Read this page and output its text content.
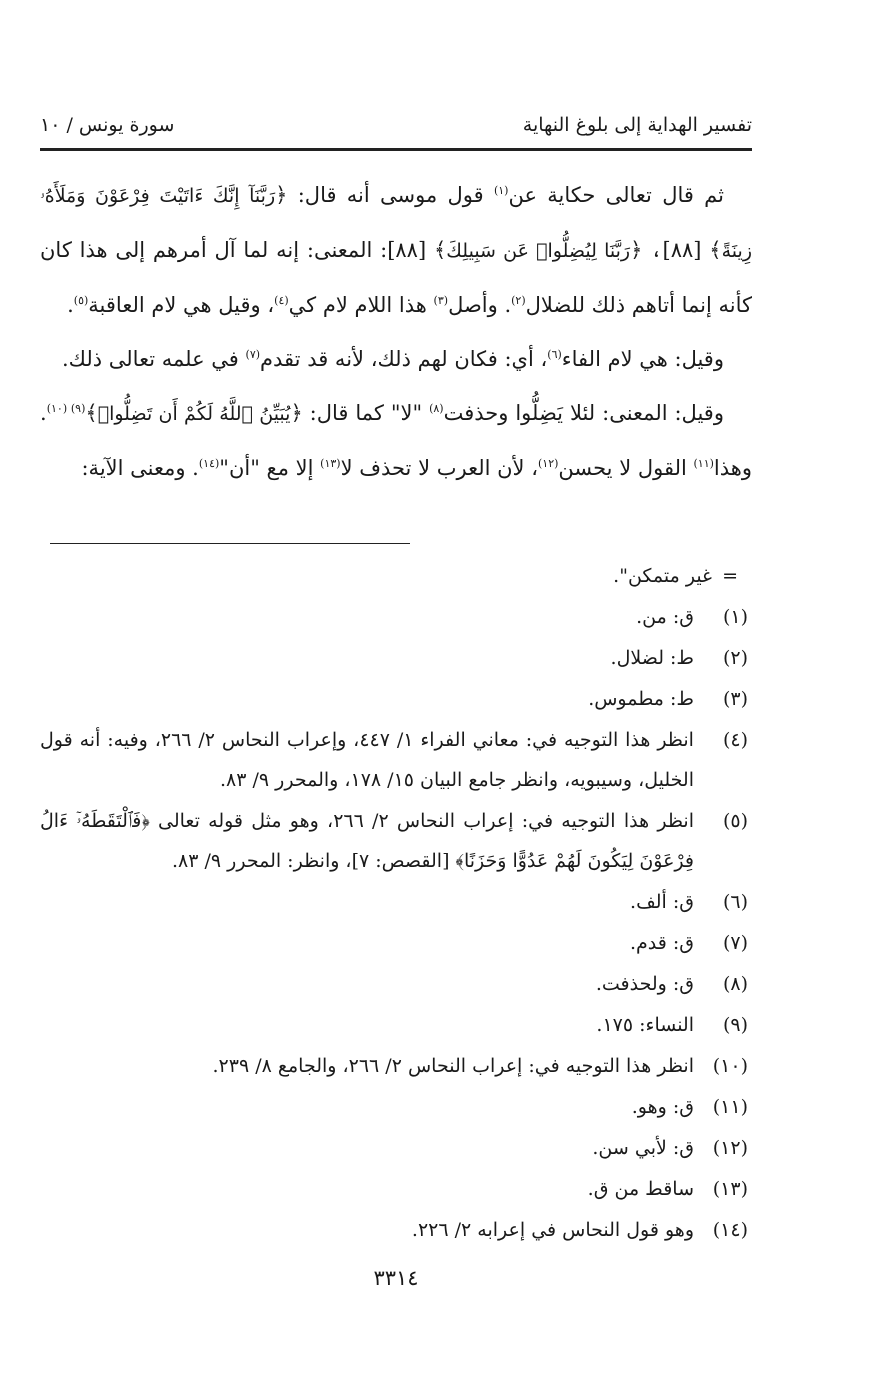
تفسير الهداية إلى بلوغ النهاية
سورة يونس / ١٠

ثم قال تعالى حكاية عن$^{(١)}$ قول موسى أنه قال: ﴿رَبَّنَآ إِنَّكَ ءَاتَيْتَ فِرْعَوْنَ وَمَلَأَهُۥ زِينَةً﴾ [٨٨]، ﴿رَبَّنَا لِيُضِلُّوا۟ عَن سَبِيلِكَ﴾ [٨٨]: المعنى: إنه لما آل أمرهم إلى هذا كان كأنه إنما أتاهم ذلك للضلال$^{(٢)}$. وأصل$^{(٣)}$ هذا اللام لام كي$^{(٤)}$، وقيل هي لام العاقبة$^{(٥)}$.

وقيل: هي لام الفاء$^{(٦)}$، أي: فكان لهم ذلك، لأنه قد تقدم$^{(٧)}$ في علمه تعالى ذلك.

وقيل: المعنى: لئلا يَضِلُّوا وحذفت$^{(٨)}$ "لا" كما قال: ﴿يُبَيِّنُ ٱللَّهُ لَكُمْ أَن تَضِلُّوا۟﴾$^{(٩)}$ $^{(١٠)}$. وهذا$^{(١١)}$ القول لا يحسن$^{(١٢)}$، لأن العرب لا تحذف لا$^{(١٣)}$ إلا مع "أن"$^{(١٤)}$. ومعنى الآية:

=
غير متمكن".
(١)
ق: من.
(٢)
ط: لضلال.
(٣)
ط: مطموس.
(٤)
انظر هذا التوجيه في: معاني الفراء ١/ ٤٤٧، وإعراب النحاس ٢/ ٢٦٦، وفيه: أنه قول الخليل، وسيبويه، وانظر جامع البيان ١٥/ ١٧٨، والمحرر ٩/ ٨٣.
(٥)
انظر هذا التوجيه في: إعراب النحاس ٢/ ٢٦٦، وهو مثل قوله تعالى ﴿فَٱلْتَقَطَهُۥٓ ءَالُ فِرْعَوْنَ لِيَكُونَ لَهُمْ عَدُوًّا وَحَزَنًا﴾ [القصص: ٧]، وانظر: المحرر ٩/ ٨٣.
(٦)
ق: ألف.
(٧)
ق: قدم.
(٨)
ق: ولحذفت.
(٩)
النساء: ١٧٥.
(١٠)
انظر هذا التوجيه في: إعراب النحاس ٢/ ٢٦٦، والجامع ٨/ ٢٣٩.
(١١)
ق: وهو.
(١٢)
ق: لأبي سن.
(١٣)
ساقط من ق.
(١٤)
وهو قول النحاس في إعرابه ٢/ ٢٢٦.
٣٣١٤
